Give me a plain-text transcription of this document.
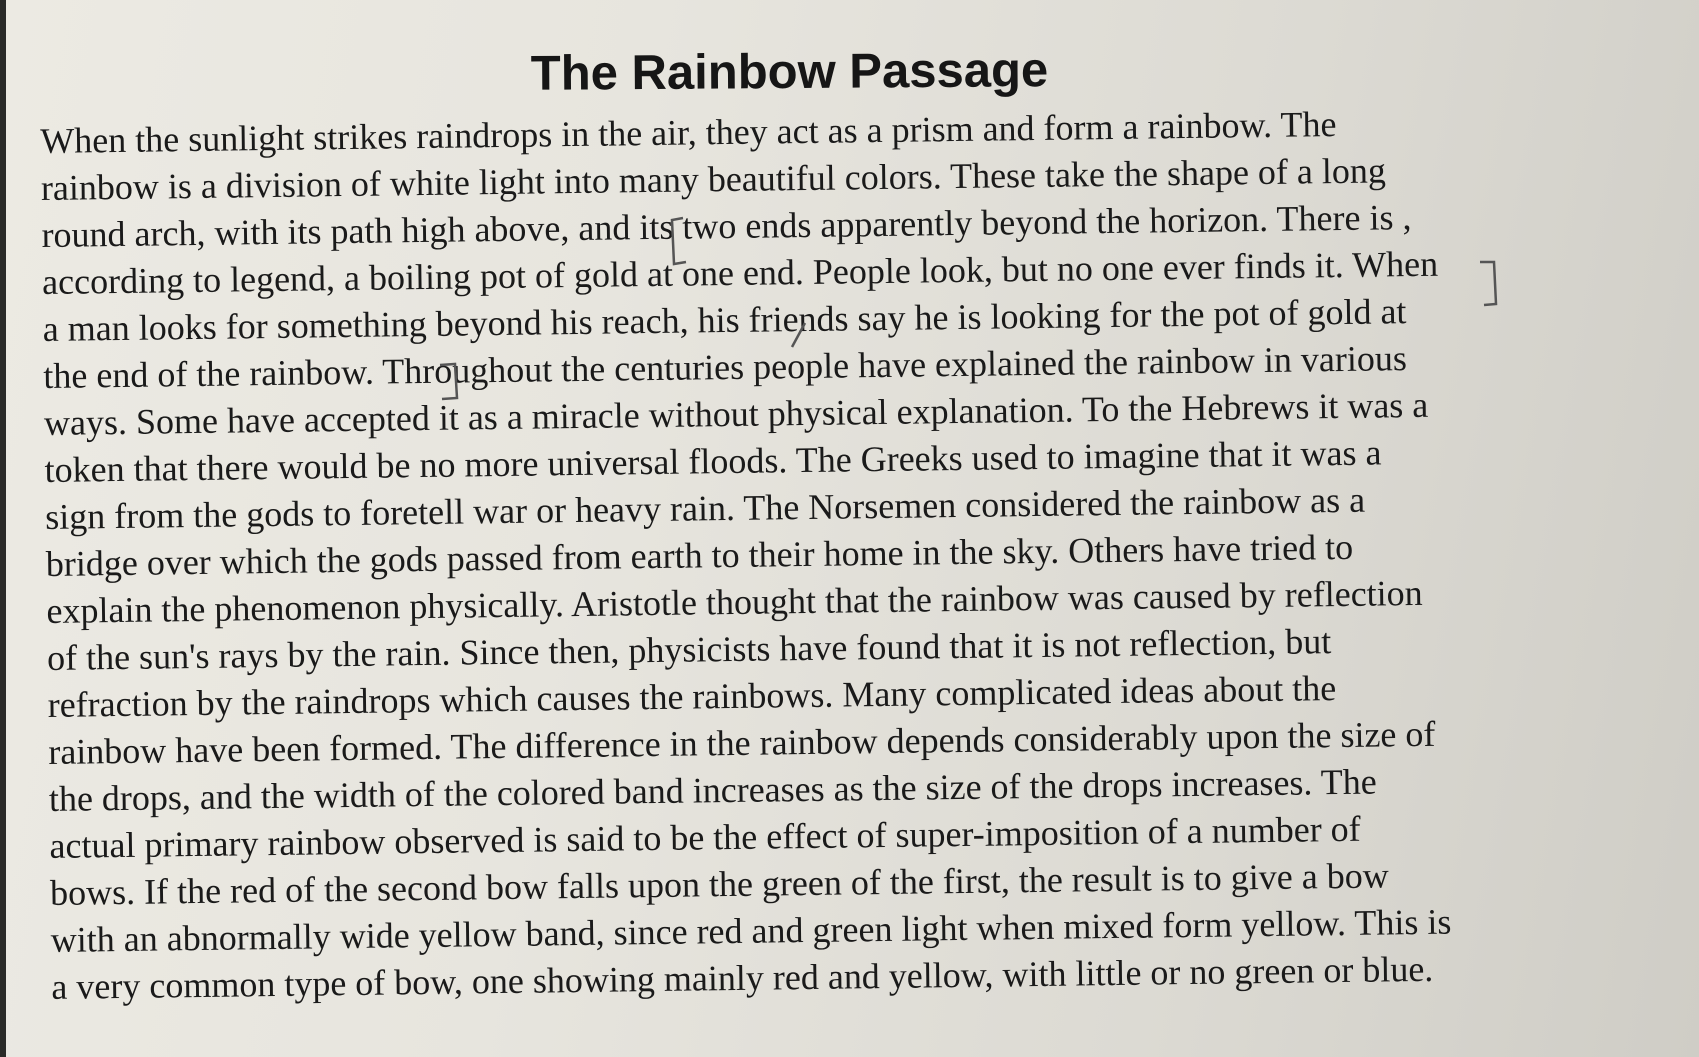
The Rainbow Passage

When the sunlight strikes raindrops in the air, they act as a prism and form a rainbow. The

rainbow is a division of white light into many beautiful colors. These take the shape of a long

round arch, with its path high above, and its two ends apparently beyond the horizon. There is ,

according to legend, a boiling pot of gold at one end. People look, but no one ever finds it. When

a man looks for something beyond his reach, his friends say he is looking for the pot of gold at

the end of the rainbow. Throughout the centuries people have explained the rainbow in various

ways. Some have accepted it as a miracle without physical explanation. To the Hebrews it was a

token that there would be no more universal floods. The Greeks used to imagine that it was a

sign from the gods to foretell war or heavy rain. The Norsemen considered the rainbow as a

bridge over which the gods passed from earth to their home in the sky. Others have tried to

explain the phenomenon physically. Aristotle thought that the rainbow was caused by reflection

of the sun's rays by the rain. Since then, physicists have found that it is not reflection, but

refraction by the raindrops which causes the rainbows. Many complicated ideas about the

rainbow have been formed. The difference in the rainbow depends considerably upon the size of

the drops, and the width of the colored band increases as the size of the drops increases. The

actual primary rainbow observed is said to be the effect of super-imposition of a number of

bows. If the red of the second bow falls upon the green of the first, the result is to give a bow

with an abnormally wide yellow band, since red and green light when mixed form yellow. This is

a very common type of bow, one showing mainly red and yellow, with little or no green or blue.
